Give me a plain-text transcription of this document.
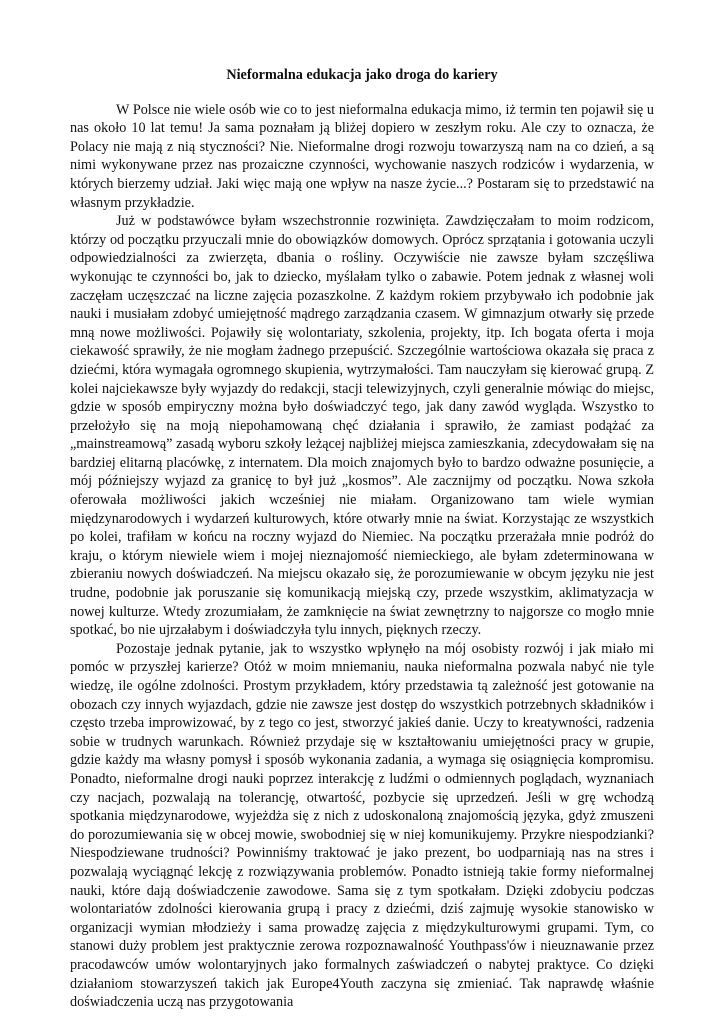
Nieformalna edukacja jako droga do kariery

W Polsce nie wiele osób wie co to jest nieformalna edukacja mimo, iż termin ten pojawił się u nas około 10 lat temu! Ja sama poznałam ją bliżej dopiero w zeszłym roku. Ale czy to oznacza, że Polacy nie mają z nią styczności? Nie. Nieformalne drogi rozwoju towarzyszą nam na co dzień, a są nimi wykonywane przez nas prozaiczne czynności, wychowanie naszych rodziców i wydarzenia, w których bierzemy udział. Jaki więc mają one wpływ na nasze życie...? Postaram się to przedstawić na własnym przykładzie.

Już w podstawówce byłam wszechstronnie rozwinięta. Zawdzięczałam to moim rodzicom, którzy od początku przyuczali mnie do obowiązków domowych. Oprócz sprzątania i gotowania uczyli odpowiedzialności za zwierzęta, dbania o rośliny. Oczywiście nie zawsze byłam szczęśliwa wykonując te czynności bo, jak to dziecko, myślałam tylko o zabawie. Potem jednak z własnej woli zaczęłam uczęszczać na liczne zajęcia pozaszkolne. Z każdym rokiem przybywało ich podobnie jak nauki i musiałam zdobyć umiejętność mądrego zarządzania czasem. W gimnazjum otwarły się przede mną nowe możliwości. Pojawiły się wolontariaty, szkolenia, projekty, itp. Ich bogata oferta i moja ciekawość sprawiły, że nie mogłam żadnego przepuścić. Szczególnie wartościowa okazała się praca z dziećmi, która wymagała ogromnego skupienia, wytrzymałości. Tam nauczyłam się kierować grupą. Z kolei najciekawsze były wyjazdy do redakcji, stacji telewizyjnych, czyli generalnie mówiąc do miejsc, gdzie w sposób empiryczny można było doświadczyć tego, jak dany zawód wygląda. Wszystko to przełożyło się na moją niepohamowaną chęć działania i sprawiło, że zamiast podążać za „mainstreamową” zasadą wyboru szkoły leżącej najbliżej miejsca zamieszkania, zdecydowałam się na bardziej elitarną placówkę, z internatem. Dla moich znajomych było to bardzo odważne posunięcie, a mój późniejszy wyjazd za granicę to był już „kosmos”. Ale zacznijmy od początku. Nowa szkoła oferowała możliwości jakich wcześniej nie miałam. Organizowano tam wiele wymian międzynarodowych i wydarzeń kulturowych, które otwarły mnie na świat. Korzystając ze wszystkich po kolei, trafiłam w końcu na roczny wyjazd do Niemiec. Na początku przerażała mnie podróż do kraju, o którym niewiele wiem i mojej nieznajomość niemieckiego, ale byłam zdeterminowana w zbieraniu nowych doświadczeń. Na miejscu okazało się, że porozumiewanie w obcym języku nie jest trudne, podobnie jak poruszanie się komunikacją miejską czy, przede wszystkim, aklimatyzacja w nowej kulturze. Wtedy zrozumiałam, że zamknięcie na świat zewnętrzny to najgorsze co mogło mnie spotkać, bo nie ujrzałabym i doświadczyła tylu innych, pięknych rzeczy.

Pozostaje jednak pytanie, jak to wszystko wpłynęło na mój osobisty rozwój i jak miało mi pomóc w przyszłej karierze? Otóż w moim mniemaniu, nauka nieformalna pozwala nabyć nie tyle wiedzę, ile ogólne zdolności. Prostym przykładem, który przedstawia tą zależność jest gotowanie na obozach czy innych wyjazdach, gdzie nie zawsze jest dostęp do wszystkich potrzebnych składników i często trzeba improwizować, by z tego co jest, stworzyć jakieś danie. Uczy to kreatywności, radzenia sobie w trudnych warunkach. Również przydaje się w kształtowaniu umiejętności pracy w grupie, gdzie każdy ma własny pomysł i sposób wykonania zadania, a wymaga się osiągnięcia kompromisu. Ponadto, nieformalne drogi nauki poprzez interakcję z ludźmi o odmiennych poglądach, wyznaniach czy nacjach, pozwalają na tolerancję, otwartość, pozbycie się uprzedzeń. Jeśli w grę wchodzą spotkania międzynarodowe, wyjeżdża się z nich z udoskonaloną znajomością języka, gdyż zmuszeni do porozumiewania się w obcej mowie, swobodniej się w niej komunikujemy. Przykre niespodzianki? Niespodziewane trudności? Powinniśmy traktować je jako prezent, bo uodparniają nas na stres i pozwalają wyciągnąć lekcję z rozwiązywania problemów. Ponadto istnieją takie formy nieformalnej nauki, które dają doświadczenie zawodowe. Sama się z tym spotkałam. Dzięki zdobyciu podczas wolontariatów zdolności kierowania grupą i pracy z dziećmi, dziś zajmuję wysokie stanowisko w organizacji wymian młodzieży i sama prowadzę zajęcia z międzykulturowymi grupami. Tym, co stanowi duży problem jest praktycznie zerowa rozpoznawalność Youthpass'ów i nieuznawanie przez pracodawców umów wolontaryjnych jako formalnych zaświadczeń o nabytej praktyce. Co dzięki działaniom stowarzyszeń takich jak Europe4Youth zaczyna się zmieniać. Tak naprawdę właśnie doświadczenia uczą nas przygotowania
